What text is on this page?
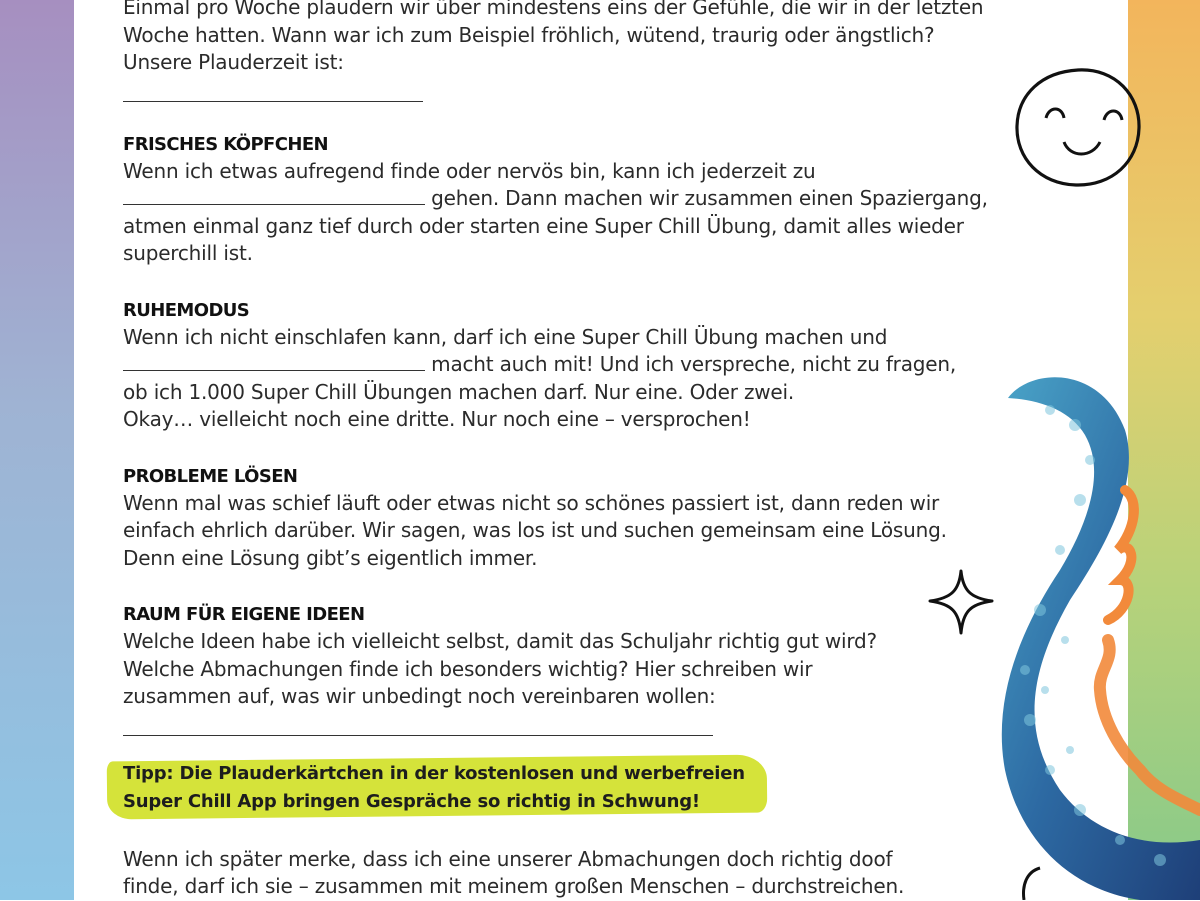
Einmal pro Woche plaudern wir über mindestens eins der Gefühle, die wir in der letzten

Woche hatten. Wann war ich zum Beispiel fröhlich, wütend, traurig oder ängstlich?

Unsere Plauderzeit ist:

FRISCHES KÖPFCHEN

Wenn ich etwas aufregend finde oder nervös bin, kann ich jederzeit zu

gehen. Dann machen wir zusammen einen Spaziergang,

atmen einmal ganz tief durch oder starten eine Super Chill Übung, damit alles wieder

superchill ist.

RUHEMODUS

Wenn ich nicht einschlafen kann, darf ich eine Super Chill Übung machen und

macht auch mit! Und ich verspreche, nicht zu fragen,

ob ich 1.000 Super Chill Übungen machen darf. Nur eine. Oder zwei.

Okay… vielleicht noch eine dritte. Nur noch eine – versprochen!

PROBLEME LÖSEN

Wenn mal was schief läuft oder etwas nicht so schönes passiert ist, dann reden wir

einfach ehrlich darüber. Wir sagen, was los ist und suchen gemeinsam eine Lösung.

Denn eine Lösung gibt’s eigentlich immer.

RAUM FÜR EIGENE IDEEN

Welche Ideen habe ich vielleicht selbst, damit das Schuljahr richtig gut wird?

Welche Abmachungen finde ich besonders wichtig? Hier schreiben wir

zusammen auf, was wir unbedingt noch vereinbaren wollen:

Tipp: Die Plauderkärtchen in der kostenlosen und werbefreien
Super Chill App bringen Gespräche so richtig in Schwung!

Wenn ich später merke, dass ich eine unserer Abmachungen doch richtig doof

finde, darf ich sie – zusammen mit meinem großen Menschen – durchstreichen.
